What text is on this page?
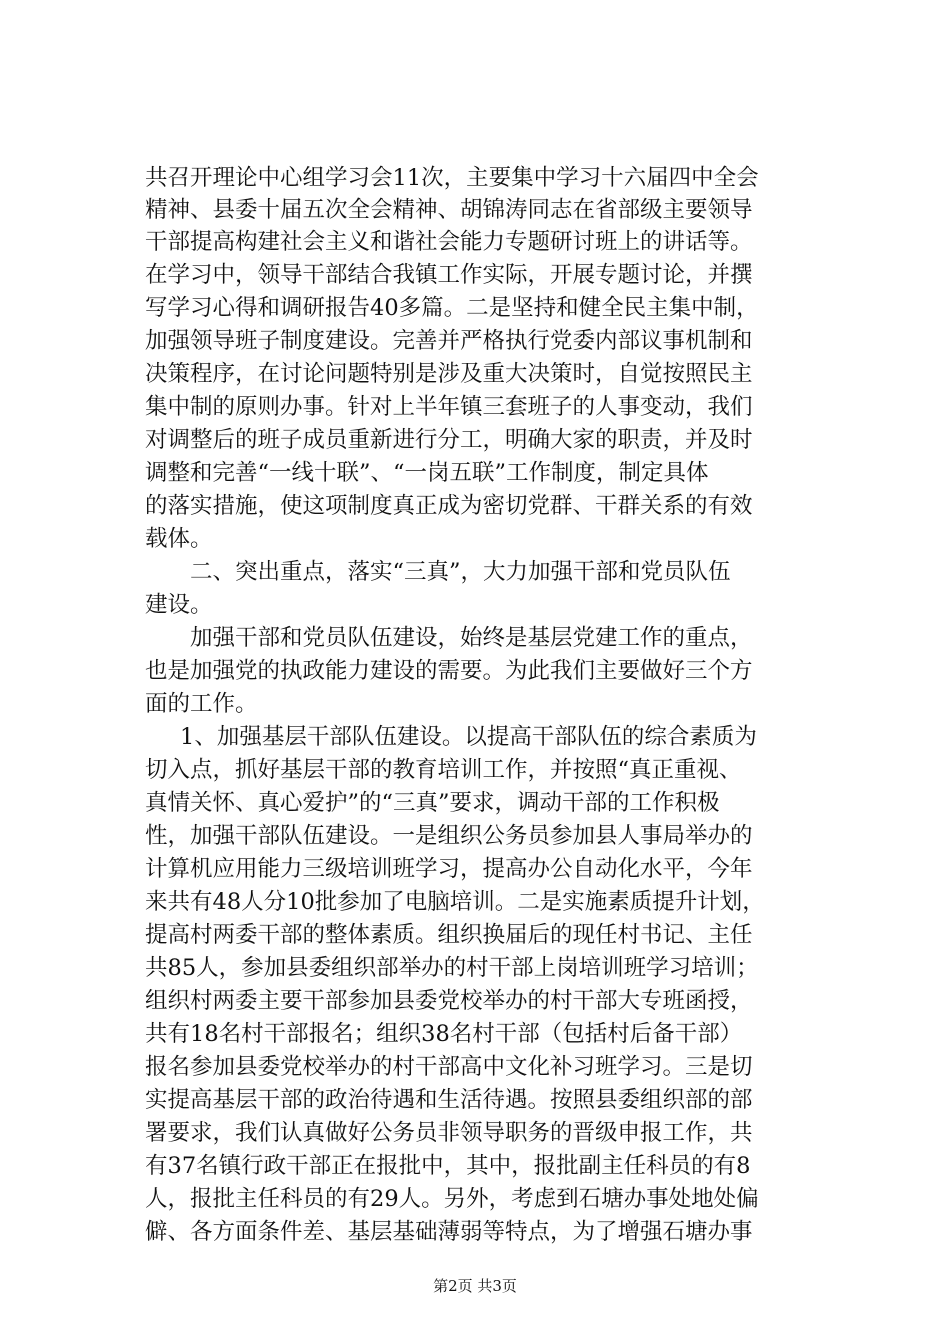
共召开理论中心组学习会11次，主要集中学习十六届四中全会
精神、县委十届五次全会精神、胡锦涛同志在省部级主要领导
干部提高构建社会主义和谐社会能力专题研讨班上的讲话等。
在学习中，领导干部结合我镇工作实际，开展专题讨论，并撰
写学习心得和调研报告40多篇。二是坚持和健全民主集中制，
加强领导班子制度建设。完善并严格执行党委内部议事机制和
决策程序，在讨论问题特别是涉及重大决策时，自觉按照民主
集中制的原则办事。针对上半年镇三套班子的人事变动，我们
对调整后的班子成员重新进行分工，明确大家的职责，并及时
调整和完善“一线十联”、“一岗五联”工作制度，制定具体
的落实措施，使这项制度真正成为密切党群、干群关系的有效
载体。
二、突出重点，落实“三真”，大力加强干部和党员队伍
建设。
加强干部和党员队伍建设，始终是基层党建工作的重点，
也是加强党的执政能力建设的需要。为此我们主要做好三个方
面的工作。
1、加强基层干部队伍建设。以提高干部队伍的综合素质为
切入点，抓好基层干部的教育培训工作，并按照“真正重视、
真情关怀、真心爱护”的“三真”要求，调动干部的工作积极
性，加强干部队伍建设。一是组织公务员参加县人事局举办的
计算机应用能力三级培训班学习，提高办公自动化水平，今年
来共有48人分10批参加了电脑培训。二是实施素质提升计划，
提高村两委干部的整体素质。组织换届后的现任村书记、主任
共85人，参加县委组织部举办的村干部上岗培训班学习培训；
组织村两委主要干部参加县委党校举办的村干部大专班函授，
共有18名村干部报名；组织38名村干部（包括村后备干部）
报名参加县委党校举办的村干部高中文化补习班学习。三是切
实提高基层干部的政治待遇和生活待遇。按照县委组织部的部
署要求，我们认真做好公务员非领导职务的晋级申报工作，共
有37名镇行政干部正在报批中，其中，报批副主任科员的有8
人，报批主任科员的有29人。另外，考虑到石塘办事处地处偏
僻、各方面条件差、基层基础薄弱等特点，为了增强石塘办事
第2页 共3页
